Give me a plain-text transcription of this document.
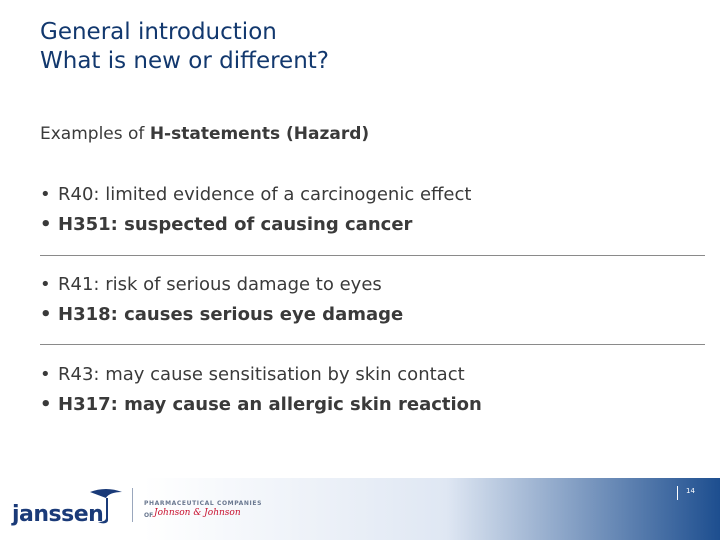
General introduction
What is new or different?
Examples of H-statements (Hazard)
• R40: limited evidence of a carcinogenic effect
• H351: suspected of causing cancer
• R41: risk of serious damage to eyes
• H318: causes serious eye damage
• R43: may cause sensitisation by skin contact
• H317: may cause an allergic skin reaction
janssen	PHARMACEUTICAL COMPANIES
OF Johnson & Johnson
14
